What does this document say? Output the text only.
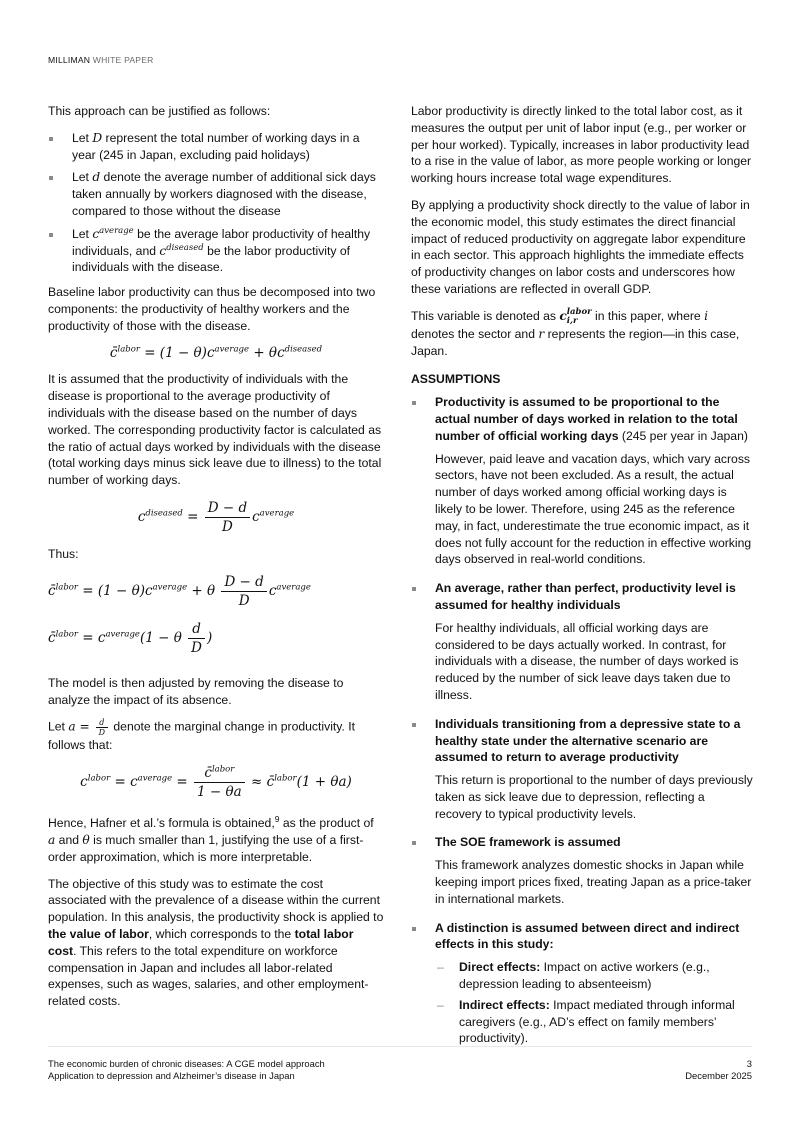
MILLIMAN WHITE PAPER

This approach can be justified as follows:

Let D represent the total number of working days in a year (245 in Japan, excluding paid holidays)
Let d denote the average number of additional sick days taken annually by workers diagnosed with the disease, compared to those without the disease
Let $c^{average}$ be the average labor productivity of healthy individuals, and $c^{diseased}$ be the labor productivity of individuals with the disease.

Baseline labor productivity can thus be decomposed into two components: the productivity of healthy workers and the productivity of those with the disease.

c̄$^{labor}$ = $(1 - \theta)c^{average} + \theta c^{diseased}$

It is assumed that the productivity of individuals with the disease is proportional to the average productivity of individuals with the disease based on the number of days worked. The corresponding productivity factor is calculated as the ratio of actual days worked by individuals with the disease (total working days minus sick leave due to illness) to the total number of working days.

$c^{diseased} = \frac{D - d}{D} c^{average}$

Thus:

c̄$^{labor}$ = $(1 - \theta)c^{average} + \theta \frac{D - d}{D} c^{average}$
c̄$^{labor}$ = $c^{average}(1 - \theta \frac{d}{D}$ )

The model is then adjusted by removing the disease to analyze the impact of its absence.

Let $a = \frac{d}{D}$ denote the marginal change in productivity. It follows that:

$c^{labor} = c^{average} = \frac{c̄^{labor}}{1 - \theta a}$ ≈ c̄$^{labor}$(1 + θa)

Hence, Hafner et al.’s formula is obtained,$^9$ as the product of a and θ is much smaller than 1, justifying the use of a first-order approximation, which is more interpretable.

The objective of this study was to estimate the cost associated with the prevalence of a disease within the current population. In this analysis, the productivity shock is applied to the value of labor, which corresponds to the total labor cost. This refers to the total expenditure on workforce compensation in Japan and includes all labor-related expenses, such as wages, salaries, and other employment-related costs.

Labor productivity is directly linked to the total labor cost, as it measures the output per unit of labor input (e.g., per worker or per hour worked). Typically, increases in labor productivity lead to a rise in the value of labor, as more people working or longer working hours increase total wage expenditures.

By applying a productivity shock directly to the value of labor in the economic model, this study estimates the direct financial impact of reduced productivity on aggregate labor expenditure in each sector. This approach highlights the immediate effects of productivity changes on labor costs and underscores how these variations are reflected in overall GDP.

This variable is denoted as c labor
i,r	in this paper, where i denotes the sector and r represents the region—in this case, Japan.

ASSUMPTIONS
Productivity is assumed to be proportional to the actual number of days worked in relation to the total number of official working days (245 per year in Japan)
However, paid leave and vacation days, which vary across sectors, have not been excluded. As a result, the actual number of days worked among official working days is likely to be lower. Therefore, using 245 as the reference may, in fact, underestimate the true economic impact, as it does not fully account for the reduction in effective working days observed in real-world conditions.
An average, rather than perfect, productivity level is assumed for healthy individuals
For healthy individuals, all official working days are considered to be days actually worked. In contrast, for individuals with a disease, the number of days worked is reduced by the number of sick leave days taken due to illness.
Individuals transitioning from a depressive state to a healthy state under the alternative scenario are assumed to return to average productivity
This return is proportional to the number of days previously taken as sick leave due to depression, reflecting a recovery to typical productivity levels.
The SOE framework is assumed
This framework analyzes domestic shocks in Japan while keeping import prices fixed, treating Japan as a price-taker in international markets.
A distinction is assumed between direct and indirect effects in this study:
– Direct effects: Impact on active workers (e.g., depression leading to absenteeism)
– Indirect effects: Impact mediated through informal caregivers (e.g., AD’s effect on family members’ productivity).
The economic burden of chronic diseases: A CGE model approach
Application to depression and Alzheimer’s disease in Japan
3
December 2025
